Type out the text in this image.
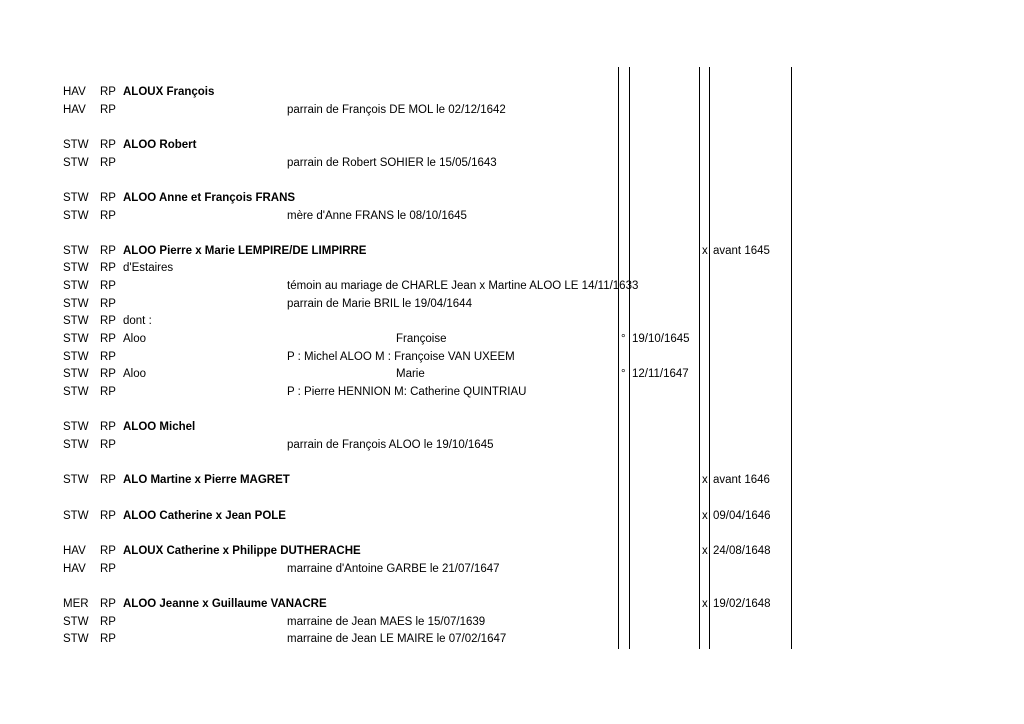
HAV RP ALOUX François
HAV RP	parrain de François DE MOL le 02/12/1642
STW RP ALOO Robert
STW RP	parrain de Robert SOHIER le 15/05/1643
STW RP ALOO Anne et François FRANS
STW RP	mère d'Anne FRANS le 08/10/1645
STW RP ALOO Pierre x Marie LEMPIRE/DE LIMPIRRE	x avant 1645
STW RP d'Estaires
STW RP	témoin au mariage de CHARLE Jean x Martine ALOO LE 14/11/1633
STW RP	parrain de Marie BRIL le 19/04/1644
STW RP dont :
STW RP Aloo	Françoise	° 19/10/1645
STW RP	P : Michel ALOO M : Françoise VAN UXEEM
STW RP Aloo	Marie	° 12/11/1647
STW RP	P : Pierre HENNION M: Catherine QUINTRIAU
STW RP ALOO Michel
STW RP	parrain de François ALOO le 19/10/1645
STW RP ALO Martine x Pierre MAGRET	x avant 1646
STW RP ALOO Catherine x Jean POLE	x 09/04/1646
HAV RP ALOUX Catherine x Philippe DUTHERACHE	x 24/08/1648
HAV RP	marraine d'Antoine GARBE le 21/07/1647
MER RP ALOO Jeanne x Guillaume VANACRE	x 19/02/1648
STW RP	marraine de Jean MAES le 15/07/1639
STW RP	marraine de Jean LE MAIRE le 07/02/1647
